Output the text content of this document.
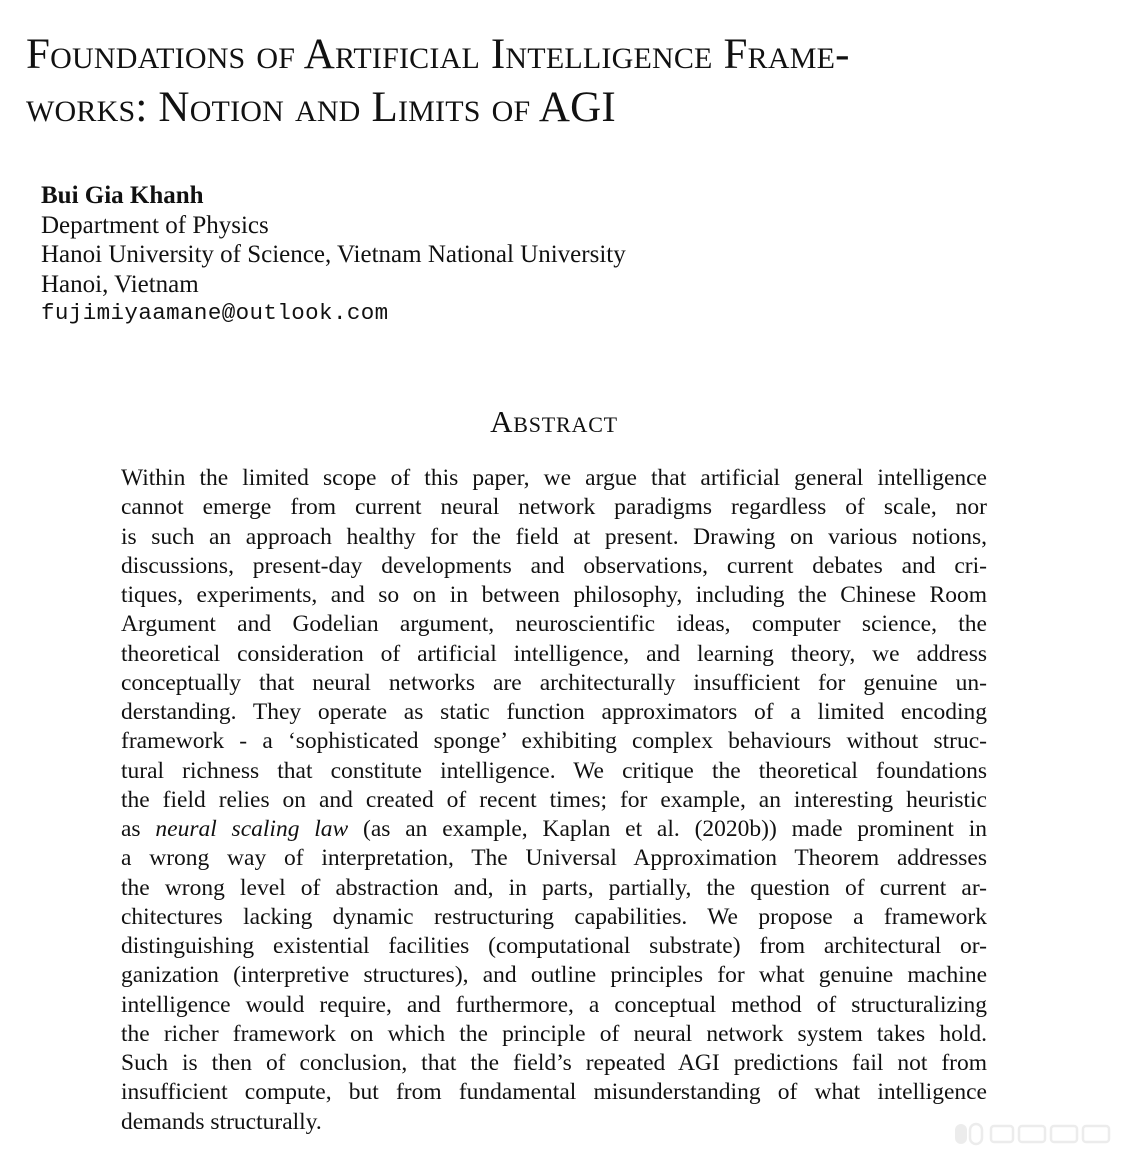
Foundations of Artificial Intelligence Frame-
works: Notion and Limits of AGI
Bui Gia Khanh
Department of Physics
Hanoi University of Science, Vietnam National University
Hanoi, Vietnam
fujimiyaamane@outlook.com
Abstract
Within the limited scope of this paper, we argue that artificial general intelligence
cannot emerge from current neural network paradigms regardless of scale, nor
is such an approach healthy for the field at present. Drawing on various notions,
discussions, present-day developments and observations, current debates and cri-
tiques, experiments, and so on in between philosophy, including the Chinese Room
Argument and Godelian argument, neuroscientific ideas, computer science, the
theoretical consideration of artificial intelligence, and learning theory, we address
conceptually that neural networks are architecturally insufficient for genuine un-
derstanding. They operate as static function approximators of a limited encoding
framework - a ‘sophisticated sponge’ exhibiting complex behaviours without struc-
tural richness that constitute intelligence. We critique the theoretical foundations
the field relies on and created of recent times; for example, an interesting heuristic
as neural scaling law (as an example, Kaplan et al. (2020b)) made prominent in
a wrong way of interpretation, The Universal Approximation Theorem addresses
the wrong level of abstraction and, in parts, partially, the question of current ar-
chitectures lacking dynamic restructuring capabilities. We propose a framework
distinguishing existential facilities (computational substrate) from architectural or-
ganization (interpretive structures), and outline principles for what genuine machine
intelligence would require, and furthermore, a conceptual method of structuralizing
the richer framework on which the principle of neural network system takes hold.
Such is then of conclusion, that the field’s repeated AGI predictions fail not from
insufficient compute, but from fundamental misunderstanding of what intelligence
demands structurally.
